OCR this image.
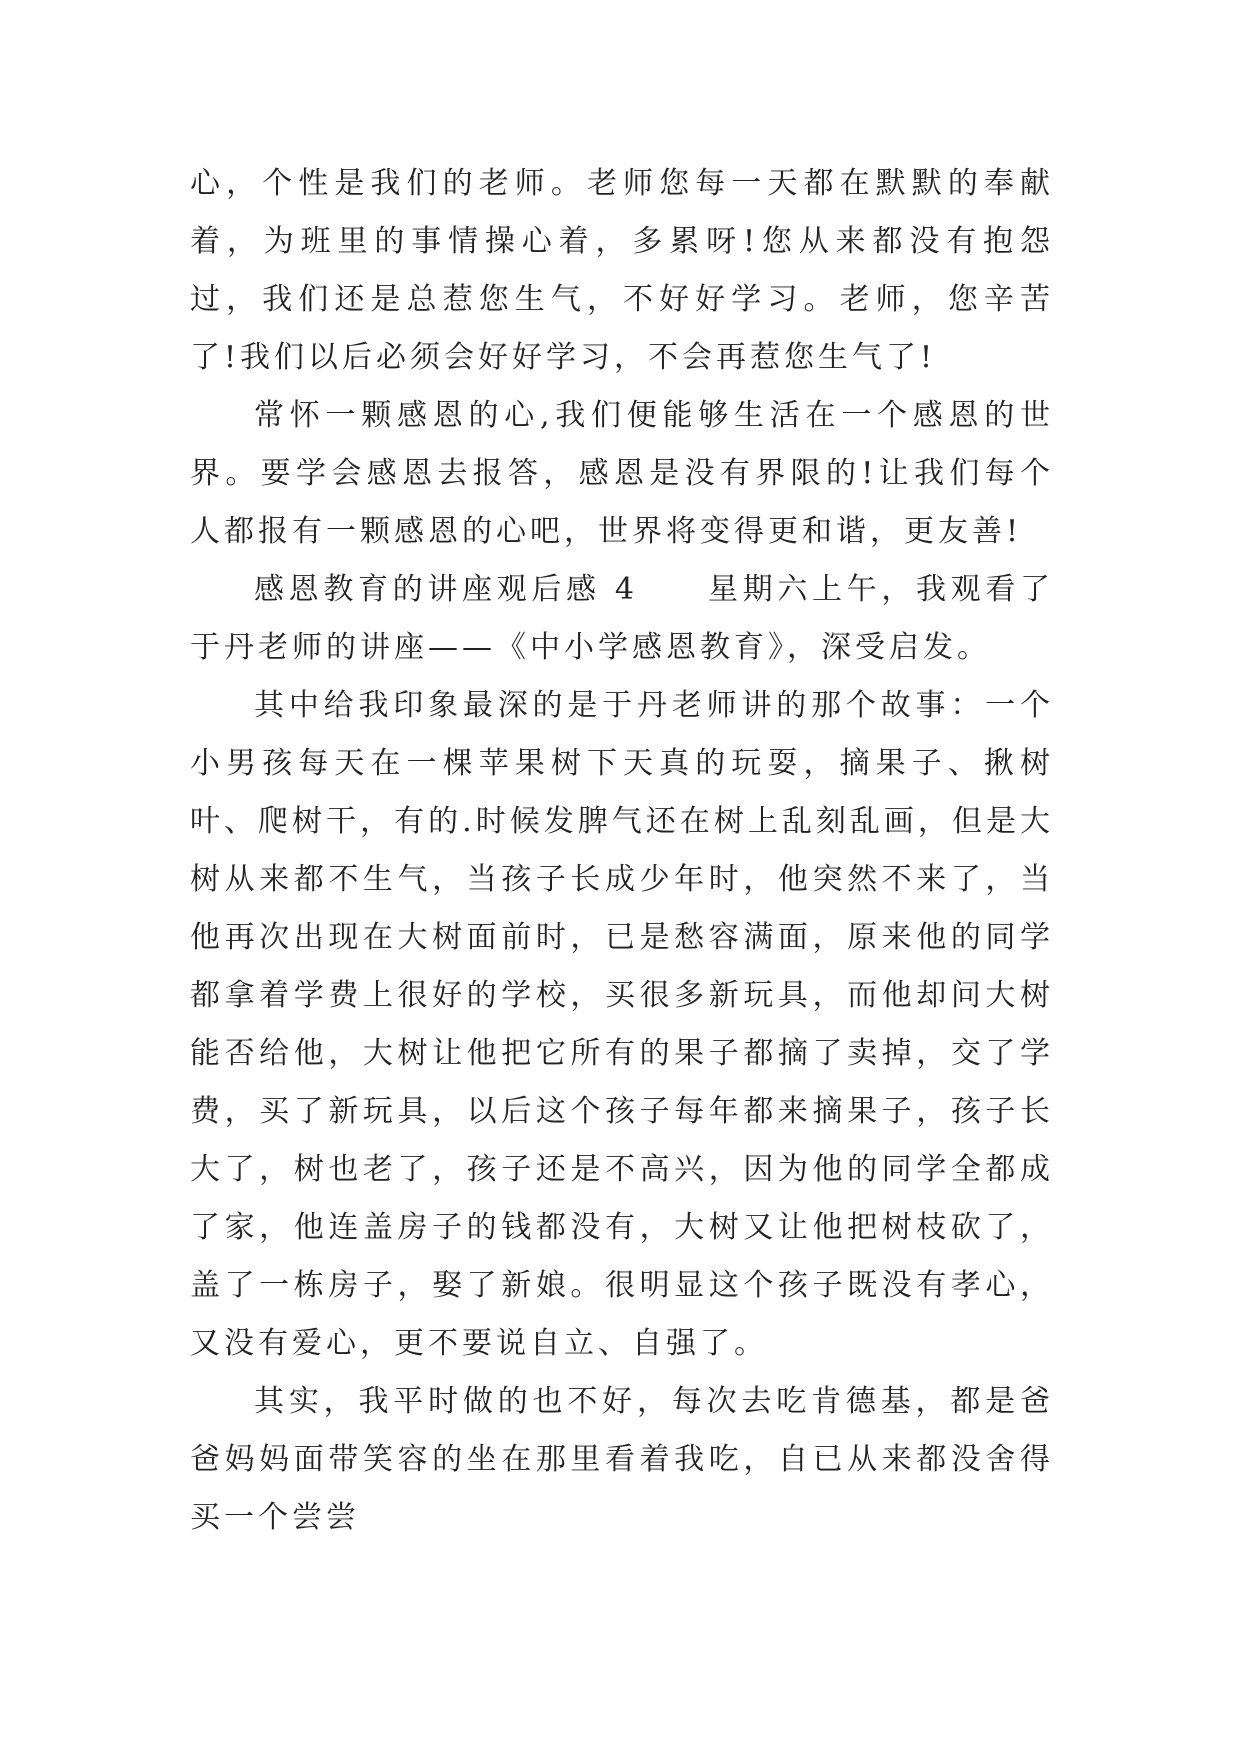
心，个性是我们的老师。老师您每一天都在默默的奉献着，为班里的事情操心着，多累呀!您从来都没有抱怨过，我们还是总惹您生气，不好好学习。老师，您辛苦了!我们以后必须会好好学习，不会再惹您生气了!

常怀一颗感恩的心,我们便能够生活在一个感恩的世界。要学会感恩去报答，感恩是没有界限的!让我们每个人都报有一颗感恩的心吧，世界将变得更和谐，更友善!

感恩教育的讲座观后感 4　　星期六上午，我观看了于丹老师的讲座——《中小学感恩教育》，深受启发。

其中给我印象最深的是于丹老师讲的那个故事：一个小男孩每天在一棵苹果树下天真的玩耍，摘果子、揪树叶、爬树干，有的.时候发脾气还在树上乱刻乱画，但是大树从来都不生气，当孩子长成少年时，他突然不来了，当他再次出现在大树面前时，已是愁容满面，原来他的同学都拿着学费上很好的学校，买很多新玩具，而他却问大树能否给他，大树让他把它所有的果子都摘了卖掉，交了学费，买了新玩具，以后这个孩子每年都来摘果子，孩子长大了，树也老了，孩子还是不高兴，因为他的同学全都成了家，他连盖房子的钱都没有，大树又让他把树枝砍了，盖了一栋房子，娶了新娘。很明显这个孩子既没有孝心，又没有爱心，更不要说自立、自强了。

其实，我平时做的也不好，每次去吃肯德基，都是爸爸妈妈面带笑容的坐在那里看着我吃，自已从来都没舍得买一个尝尝
